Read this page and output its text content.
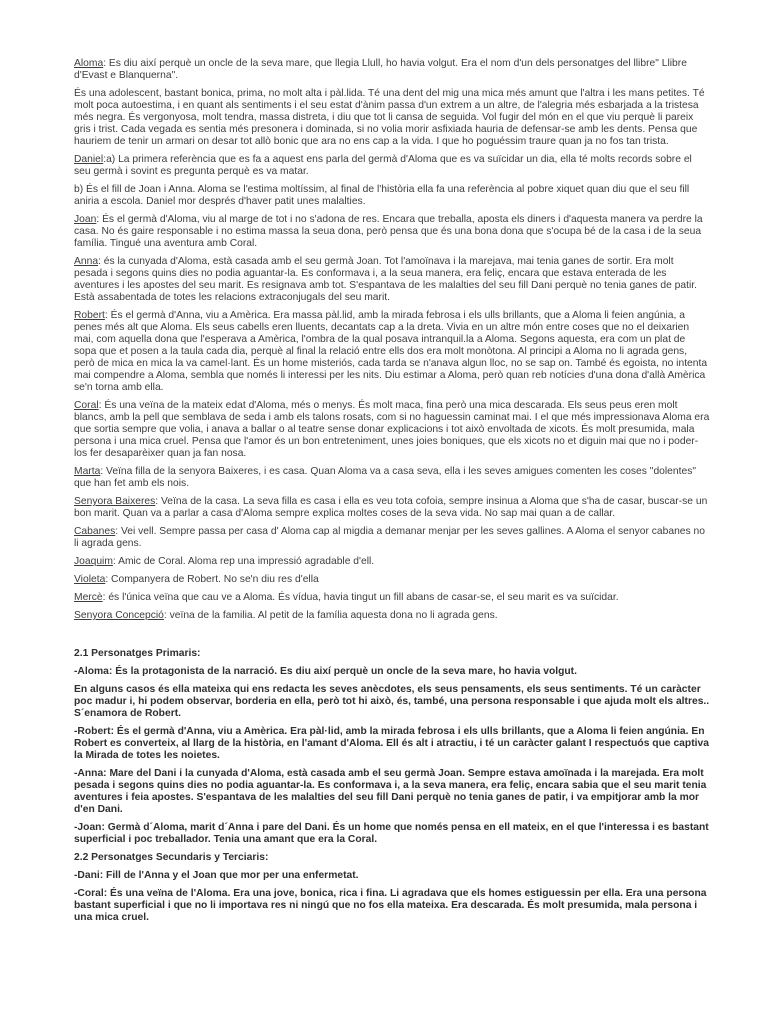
Aloma: Es diu així perquè un oncle de la seva mare, que llegia Llull, ho havia volgut. Era el nom d'un dels personatges del llibre" Llibre d'Evast e Blanquerna".

És una adolescent, bastant bonica, prima, no molt alta i pàl.lida. Té una dent del mig una mica més amunt que l'altra i les mans petites. Té molt poca autoestima, i en quant als sentiments i el seu estat d'ànim passa d'un extrem a un altre, de l'alegria més esbarjada a la tristesa més negra. És vergonyosa, molt tendra, massa distreta, i diu que tot li cansa de seguida. Vol fugir del món en el que viu perquè li pareix gris i trist. Cada vegada es sentia més presonera i dominada, si no volia morir asfixiada hauria de defensar-se amb les dents. Pensa que hauriem de tenir un armari on desar tot allò bonic que ara no ens cap a la vida. I que ho poguéssim traure quan ja no fos tan trista.

Daniel:a) La primera referència que es fa a aquest ens parla del germà d'Aloma que es va suïcidar un dia, ella té molts records sobre el seu germà i sovint es pregunta perquè es va matar.

b) És el fill de Joan i Anna. Aloma se l'estima moltíssim, al final de l'història ella fa una referència al pobre xiquet quan diu que el seu fill aniria a escola. Daniel mor després d'haver patit unes malalties.

Joan: És el germà d'Aloma, viu al marge de tot i no s'adona de res. Encara que treballa, aposta els diners i d'aquesta manera va perdre la casa. No és gaire responsable i no estima massa la seua dona, però pensa que és una bona dona que s'ocupa bé de la casa i de la seua família. Tingué una aventura amb Coral.

Anna: és la cunyada d'Aloma, està casada amb el seu germà Joan. Tot l'amoïnava i la marejava, mai tenia ganes de sortir. Era molt pesada i segons quins dies no podia aguantar-la. Es conformava i, a la seua manera, era feliç, encara que estava enterada de les aventures i les apostes del seu marit. Es resignava amb tot. S'espantava de les malalties del seu fill Dani perquè no tenia ganes de patir. Està assabentada de totes les relacions extraconjugals del seu marit.

Robert: És el germà d'Anna, viu a Amèrica. Era massa pàl.lid, amb la mirada febrosa i els ulls brillants, que a Aloma li feien angúnia, a penes més alt que Aloma. Els seus cabells eren lluents, decantats cap a la dreta. Vivia en un altre món entre coses que no el deixarien mai, com aquella dona que l'esperava a Amèrica, l'ombra de la qual posava intranquil.la a Aloma. Segons aquesta, era com un plat de sopa que et posen a la taula cada dia, perquè al final la relació entre ells dos era molt monòtona. Al principi a Aloma no li agrada gens, però de mica en mica la va camel·lant. És un home misteriós, cada tarda se n'anava algun lloc, no se sap on. També és egoista, no intenta mai compendre a Aloma, sembla que només li interessi per les nits. Diu estimar a Aloma, però quan reb notícies d'una dona d'allà Amèrica se'n torna amb ella.

Coral: És una veïna de la mateix edat d'Aloma, més o menys. És molt maca, fina però una mica descarada. Els seus peus eren molt blancs, amb la pell que semblava de seda i amb els talons rosats, com si no haguessin caminat mai. I el que més impressionava Aloma era que sortia sempre que volia, i anava a ballar o al teatre sense donar explicacions i tot això envoltada de xicots. És molt presumida, mala persona i una mica cruel. Pensa que l'amor és un bon entreteniment, unes joies boniques, que els xicots no et diguin mai que no i poder-los fer desaparèixer quan ja fan nosa.

Marta: Veïna filla de la senyora Baixeres, i es casa. Quan Aloma va a casa seva, ella i les seves amigues comenten les coses "dolentes" que han fet amb els nois.

Senyora Baixeres: Veïna de la casa. La seva filla es casa i ella es veu tota cofoia, sempre insinua a Aloma que s'ha de casar, buscar-se un bon marit. Quan va a parlar a casa d'Aloma sempre explica moltes coses de la seva vida. No sap mai quan a de callar.

Cabanes: Vei vell. Sempre passa per casa d' Aloma cap al migdia a demanar menjar per les seves gallines. A Aloma el senyor cabanes no li agrada gens.

Joaquim: Amic de Coral. Aloma rep una impressió agradable d'ell.

Violeta: Companyera de Robert. No se'n diu res d'ella

Mercè: és l'única veïna que cau ve a Aloma. És vídua, havia tingut un fill abans de casar-se, el seu marit es va suïcidar.

Senyora Concepció: veïna de la familia. Al petit de la família aquesta dona no li agrada gens.

2.1 Personatges Primaris:

-Aloma: És la protagonista de la narració. Es diu així perquè un oncle de la seva mare, ho havia volgut.

En alguns casos és ella mateixa qui ens redacta les seves anècdotes, els seus pensaments, els seus sentiments. Té un caràcter poc madur i, hi podem observar, borderia en ella, però tot hi això, és, també, una persona responsable i que ajuda molt els altres.. S´enamora de Robert.

-Robert: És el germà d'Anna, viu a Amèrica. Era pàl·lid, amb la mirada febrosa i els ulls brillants, que a Aloma li feien angúnia. En Robert es converteix, al llarg de la història, en l'amant d'Aloma. Ell és alt i atractiu, i té un caràcter galant I respectuós que captiva la Mirada de totes les noietes.

-Anna: Mare del Dani i la cunyada d'Aloma, està casada amb el seu germà Joan. Sempre estava amoïnada i la marejada. Era molt pesada i segons quins dies no podia aguantar-la. Es conformava i, a la seva manera, era feliç, encara sabia que el seu marit tenia aventures i feia apostes. S'espantava de les malalties del seu fill Dani perquè no tenia ganes de patir, i va empitjorar amb la mor d'en Dani.

-Joan: Germà d´Aloma, marit d´Anna i pare del Dani. És un home que només pensa en ell mateix, en el que l'interessa i es bastant superficial i poc treballador. Tenia una amant que era la Coral.

2.2 Personatges Secundaris y Terciaris:

-Dani: Fill de l'Anna y el Joan que mor per una enfermetat.

-Coral: És una veïna de l'Aloma. Era una jove, bonica, rica i fina. Li agradava que els homes estiguessin per ella. Era una persona bastant superficial i que no li importava res ni ningú que no fos ella mateixa. Era descarada. És molt presumida, mala persona i una mica cruel.
